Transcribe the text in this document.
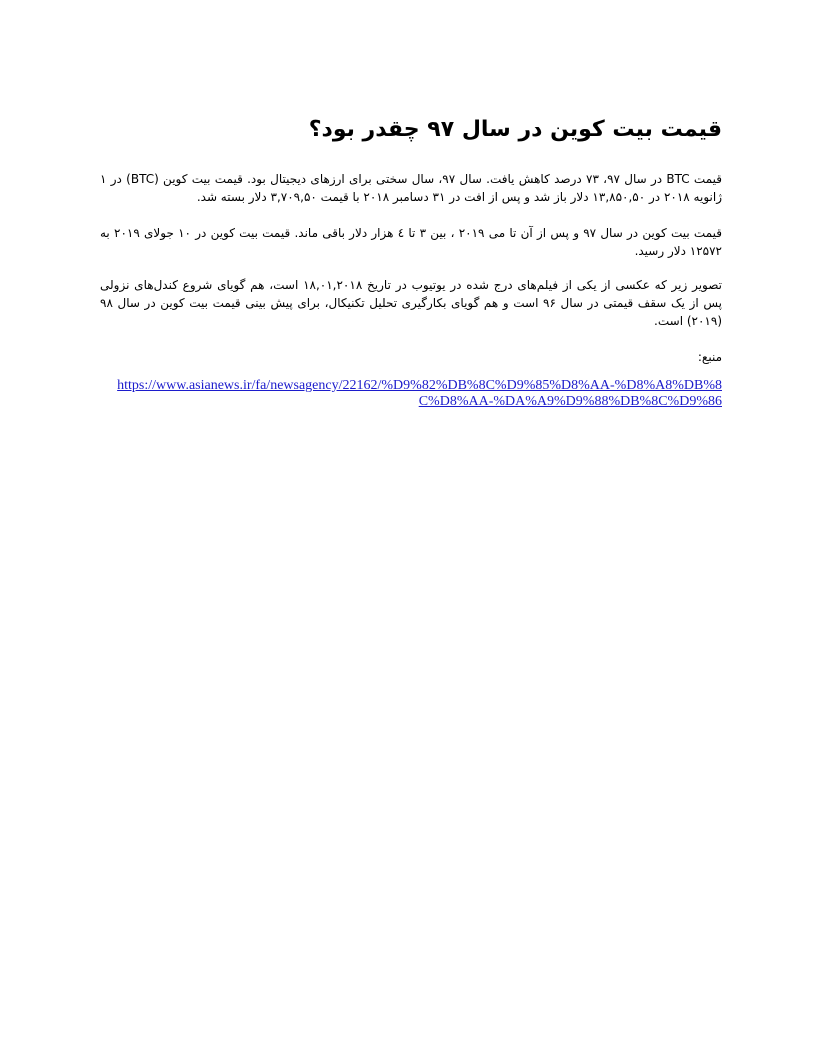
قیمت بیت کوین در سال ۹۷ چقدر بود؟

قیمت BTC در سال ۹۷، ۷۳ درصد کاهش یافت. سال ۹۷، سال سختی برای ارزهای دیجیتال بود. قیمت بیت کوین (BTC) در ۱ ژانویه ۲۰۱۸ در ۱۳,۸۵۰,۵۰ دلار باز شد و پس از افت در ۳۱ دسامبر ۲۰۱۸ با قیمت ۳,۷۰۹,۵۰ دلار بسته شد.

قیمت بیت کوین در سال ۹۷ و پس از آن تا می ۲۰۱۹ ، بین ۳ تا ٤ هزار دلار باقی ماند. قیمت بیت کوین در ۱۰ جولای ۲۰۱۹ به ۱۲۵۷۲ دلار رسید.

تصویر زیر که عکسی از یکی از فیلم‌های درج شده در یوتیوب در تاریخ ۱۸,۰۱,۲۰۱۸ است، هم گویای شروع کندل‌های نزولی پس از یک سقف قیمتی در سال ۹۶ است و هم گویای بکارگیری تحلیل تکنیکال، برای پیش بینی قیمت بیت کوین در سال ۹۸ (۲۰۱۹) است.

منبع:

https://www.asianews.ir/fa/newsagency/22162/%D9%82%DB%8C%D9%85%D8%AA-%D8%A8%DB%8C%D8%AA-%DA%A9%D9%88%DB%8C%D9%86
